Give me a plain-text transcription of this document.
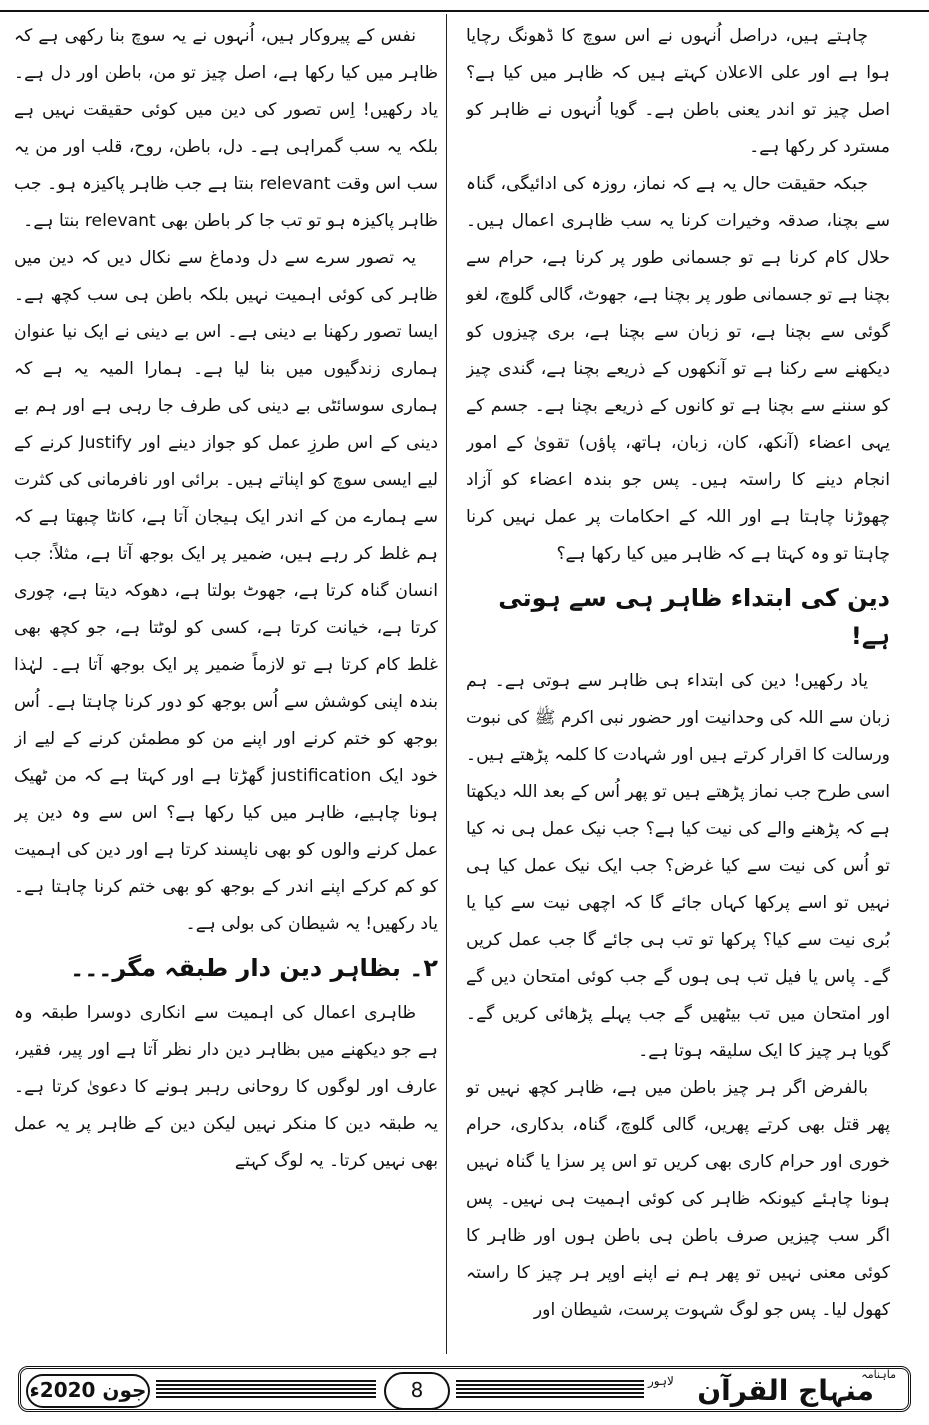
چاہتے ہیں، دراصل اُنہوں نے اس سوچ کا ڈھونگ رچایا ہوا ہے اور علی الاعلان کہتے ہیں کہ ظاہر میں کیا ہے؟ اصل چیز تو اندر یعنی باطن ہے۔ گویا اُنہوں نے ظاہر کو مسترد کر رکھا ہے۔

جبکہ حقیقت حال یہ ہے کہ نماز، روزہ کی ادائیگی، گناہ سے بچنا، صدقہ وخیرات کرنا یہ سب ظاہری اعمال ہیں۔ حلال کام کرنا ہے تو جسمانی طور پر کرنا ہے، حرام سے بچنا ہے تو جسمانی طور پر بچنا ہے، جھوٹ، گالی گلوچ، لغو گوئی سے بچنا ہے، تو زبان سے بچنا ہے، بری چیزوں کو دیکھنے سے رکنا ہے تو آنکھوں کے ذریعے بچنا ہے، گندی چیز کو سننے سے بچنا ہے تو کانوں کے ذریعے بچنا ہے۔ جسم کے یہی اعضاء (آنکھ، کان، زبان، ہاتھ، پاؤں) تقویٰ کے امور انجام دینے کا راستہ ہیں۔ پس جو بندہ اعضاء کو آزاد چھوڑنا چاہتا ہے اور اللہ کے احکامات پر عمل نہیں کرنا چاہتا تو وہ کہتا ہے کہ ظاہر میں کیا رکھا ہے؟

دین کی ابتداء ظاہر ہی سے ہوتی ہے!

یاد رکھیں! دین کی ابتداء ہی ظاہر سے ہوتی ہے۔ ہم زبان سے اللہ کی وحدانیت اور حضور نبی اکرم ﷺ کی نبوت ورسالت کا اقرار کرتے ہیں اور شہادت کا کلمہ پڑھتے ہیں۔ اسی طرح جب نماز پڑھتے ہیں تو پھر اُس کے بعد اللہ دیکھتا ہے کہ پڑھنے والے کی نیت کیا ہے؟ جب نیک عمل ہی نہ کیا تو اُس کی نیت سے کیا غرض؟ جب ایک نیک عمل کیا ہی نہیں تو اسے پرکھا کہاں جائے گا کہ اچھی نیت سے کیا یا بُری نیت سے کیا؟ پرکھا تو تب ہی جائے گا جب عمل کریں گے۔ پاس یا فیل تب ہی ہوں گے جب کوئی امتحان دیں گے اور امتحان میں تب بیٹھیں گے جب پہلے پڑھائی کریں گے۔ گویا ہر چیز کا ایک سلیقہ ہوتا ہے۔

بالفرض اگر ہر چیز باطن میں ہے، ظاہر کچھ نہیں تو پھر قتل بھی کرتے پھریں، گالی گلوچ، گناہ، بدکاری، حرام خوری اور حرام کاری بھی کریں تو اس پر سزا یا گناہ نہیں ہونا چاہئے کیونکہ ظاہر کی کوئی اہمیت ہی نہیں۔ پس اگر سب چیزیں صرف باطن ہی باطن ہوں اور ظاہر کا کوئی معنی نہیں تو پھر ہم نے اپنے اوپر ہر چیز کا راستہ کھول لیا۔ پس جو لوگ شہوت پرست، شیطان اور

نفس کے پیروکار ہیں، اُنہوں نے یہ سوچ بنا رکھی ہے کہ ظاہر میں کیا رکھا ہے، اصل چیز تو من، باطن اور دل ہے۔ یاد رکھیں! اِس تصور کی دین میں کوئی حقیقت نہیں ہے بلکہ یہ سب گمراہی ہے۔ دل، باطن، روح، قلب اور من یہ سب اس وقت relevant بنتا ہے جب ظاہر پاکیزہ ہو۔ جب ظاہر پاکیزہ ہو تو تب جا کر باطن بھی relevant بنتا ہے۔

یہ تصور سرے سے دل ودماغ سے نکال دیں کہ دین میں ظاہر کی کوئی اہمیت نہیں بلکہ باطن ہی سب کچھ ہے۔ ایسا تصور رکھنا بے دینی ہے۔ اس بے دینی نے ایک نیا عنوان ہماری زندگیوں میں بنا لیا ہے۔ ہمارا المیہ یہ ہے کہ ہماری سوسائٹی بے دینی کی طرف جا رہی ہے اور ہم بے دینی کے اس طرزِ عمل کو جواز دینے اور Justify کرنے کے لیے ایسی سوچ کو اپناتے ہیں۔ برائی اور نافرمانی کی کثرت سے ہمارے من کے اندر ایک ہیجان آتا ہے، کانٹا چبھتا ہے کہ ہم غلط کر رہے ہیں، ضمیر پر ایک بوجھ آتا ہے، مثلاً: جب انسان گناہ کرتا ہے، جھوٹ بولتا ہے، دھوکہ دیتا ہے، چوری کرتا ہے، خیانت کرتا ہے، کسی کو لوٹتا ہے، جو کچھ بھی غلط کام کرتا ہے تو لازماً ضمیر پر ایک بوجھ آتا ہے۔ لہٰذا بندہ اپنی کوشش سے اُس بوجھ کو دور کرنا چاہتا ہے۔ اُس بوجھ کو ختم کرنے اور اپنے من کو مطمئن کرنے کے لیے از خود ایک justification گھڑتا ہے اور کہتا ہے کہ من ٹھیک ہونا چاہیے، ظاہر میں کیا رکھا ہے؟ اس سے وہ دین پر عمل کرنے والوں کو بھی ناپسند کرتا ہے اور دین کی اہمیت کو کم کرکے اپنے اندر کے بوجھ کو بھی ختم کرنا چاہتا ہے۔ یاد رکھیں! یہ شیطان کی بولی ہے۔

۲۔ بظاہر دین دار طبقہ مگر۔۔۔

ظاہری اعمال کی اہمیت سے انکاری دوسرا طبقہ وہ ہے جو دیکھنے میں بظاہر دین دار نظر آتا ہے اور پیر، فقیر، عارف اور لوگوں کا روحانی رہبر ہونے کا دعویٰ کرتا ہے۔ یہ طبقہ دین کا منکر نہیں لیکن دین کے ظاہر پر یہ عمل بھی نہیں کرتا۔ یہ لوگ کہتے

جون 2020ء	8
ماہنامہ
منہاج القرآن
لاہور
